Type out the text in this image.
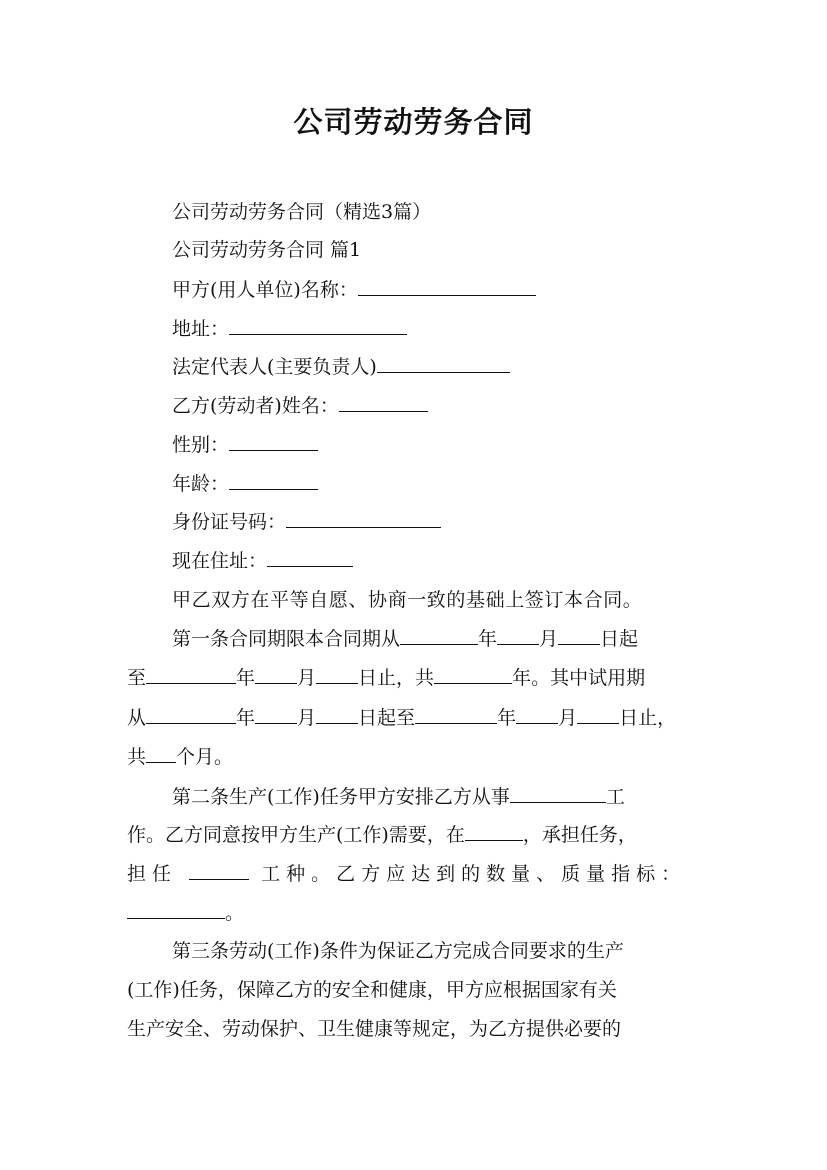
公司劳动劳务合同
公司劳动劳务合同（精选3篇）
公司劳动劳务合同 篇1
甲方(用人单位)名称：
地址：
法定代表人(主要负责人)
乙方(劳动者)姓名：
性别：
年龄：
身份证号码：
现在住址：
甲乙双方在平等自愿、协商一致的基础上签订本合同。
第一条合同期限本合同期从	年 月 日起
至	年 月 日止，共	年。其中试用期
从	年 月 日起至	年 月 日止，
共 个月。
第二条生产(工作)任务甲方安排乙方从事	工
作。乙方同意按甲方生产(工作)需要，在	，承担任务，
担任	工种。乙方应达到的数量、质量指标：
。
第三条劳动(工作)条件为保证乙方完成合同要求的生产
(工作)任务，保障乙方的安全和健康，甲方应根据国家有关
生产安全、劳动保护、卫生健康等规定，为乙方提供必要的
